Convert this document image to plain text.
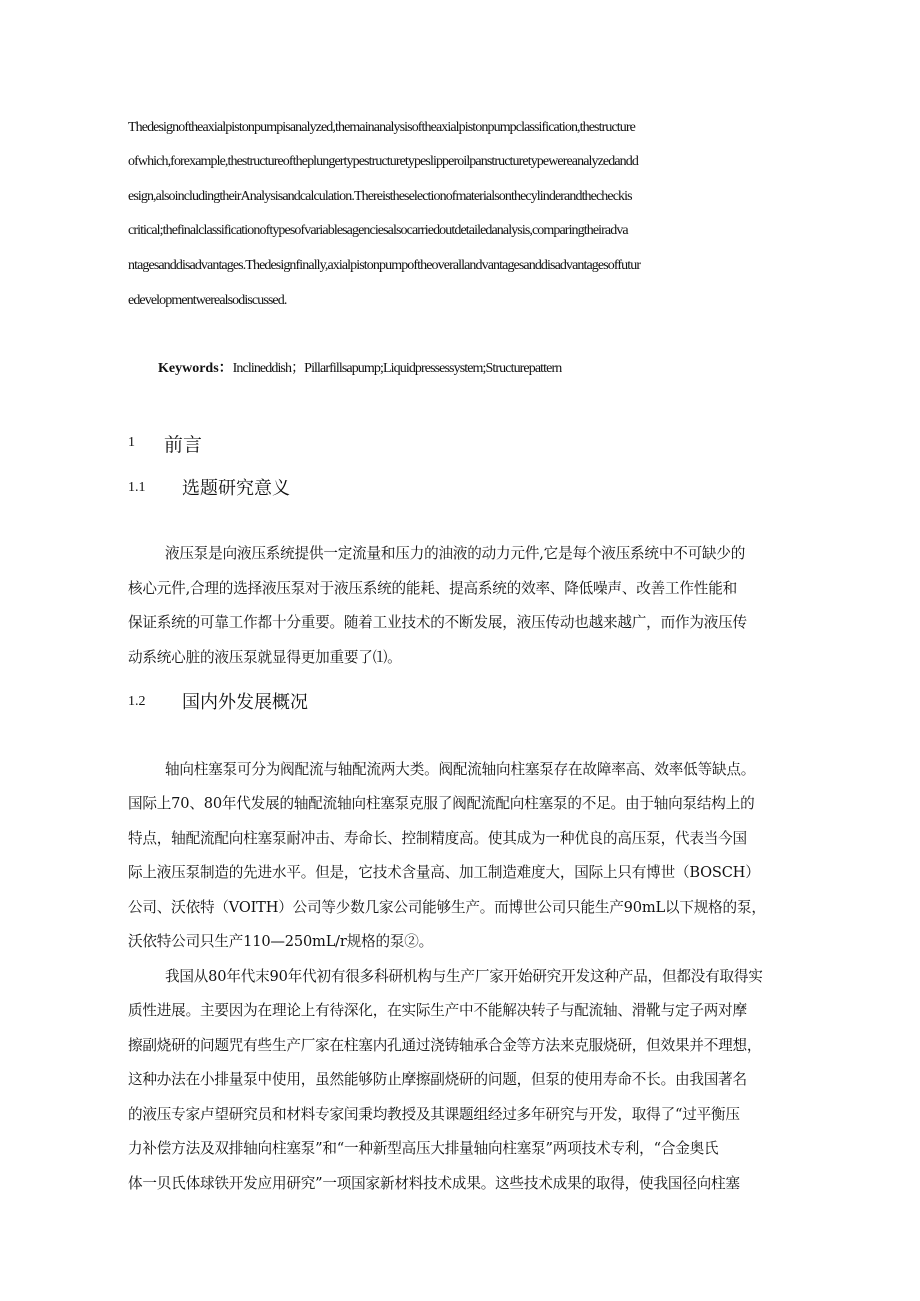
Thedesignoftheaxialpistonpumpisanalyzed,themainanalysisoftheaxialpistonpumpclassification,thestructure
ofwhich,forexample,thestructureoftheplungertypestructuretypeslipperoilpanstructuretypewereanalyzedandd
esign,alsoincludingtheirAnalysisandcalculation.Thereistheselectionofmaterialsonthecylinderandthecheckis
critical;thefinalclassificationoftypesofvariablesagenciesalsocarriedoutdetailedanalysis,comparingtheiradva
ntagesanddisadvantages.Thedesignfinally,axialpistonpumpoftheoverallandvantagesanddisadvantagesoffutur
edevelopmentwerealsodiscussed.
Keywords：Inclineddish；Pillarfillsapump;Liquidpressessystem;Structurepattern
1 前言
1.1 选题研究意义
液压泵是向液压系统提供一定流量和压力的油液的动力元件,它是每个液压系统中不可缺少的
核心元件,合理的选择液压泵对于液压系统的能耗、提高系统的效率、降低噪声、改善工作性能和
保证系统的可靠工作都十分重要。随着工业技术的不断发展，液压传动也越来越广，而作为液压传
动系统心脏的液压泵就显得更加重要了⑴。
1.2 国内外发展概况
轴向柱塞泵可分为阀配流与轴配流两大类。阀配流轴向柱塞泵存在故障率高、效率低等缺点。
国际上70、80年代发展的轴配流轴向柱塞泵克服了阀配流配向柱塞泵的不足。由于轴向泵结构上的
特点，轴配流配向柱塞泵耐冲击、寿命长、控制精度高。使其成为一种优良的高压泵，代表当今国
际上液压泵制造的先进水平。但是，它技术含量高、加工制造难度大，国际上只有博世（BOSCH）
公司、沃依特（VOITH）公司等少数几家公司能够生产。而博世公司只能生产90mL以下规格的泵，
沃依特公司只生产110—250mL/r规格的泵②。
我国从80年代末90年代初有很多科研机构与生产厂家开始研究开发这种产品，但都没有取得实
质性进展。主要因为在理论上有待深化，在实际生产中不能解决转子与配流轴、滑靴与定子两对摩
擦副烧研的问题咒有些生产厂家在柱塞内孔通过浇铸轴承合金等方法来克服烧研，但效果并不理想，
这种办法在小排量泵中使用，虽然能够防止摩擦副烧研的问题，但泵的使用寿命不长。由我国著名
的液压专家卢望研究员和材料专家闰秉均教授及其课题组经过多年研究与开发，取得了“过平衡压
力补偿方法及双排轴向柱塞泵”和“一种新型高压大排量轴向柱塞泵”两项技术专利，“合金奥氏
体一贝氏体球铁开发应用研究”一项国家新材料技术成果。这些技术成果的取得，使我国径向柱塞
